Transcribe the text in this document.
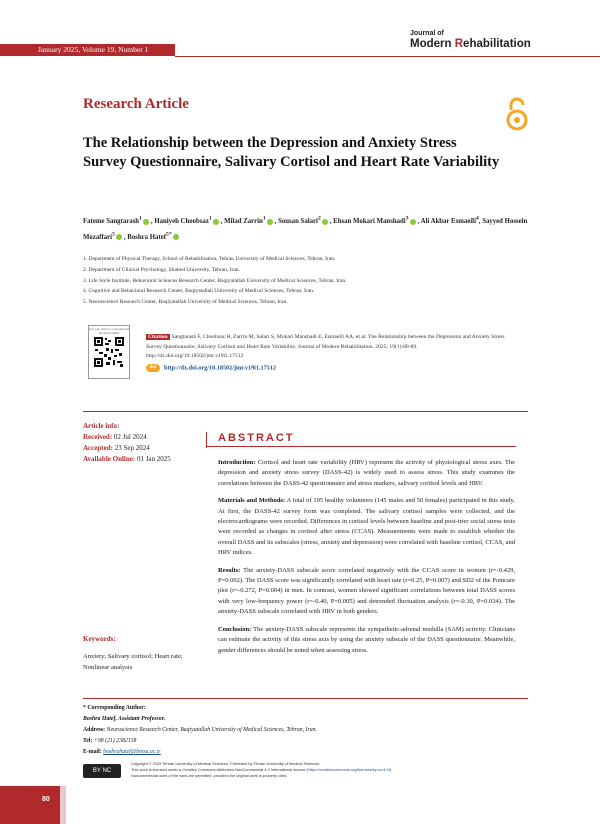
January 2025, Volume 19, Number 1
Journal of
Modern Rehabilitation
Research Article
The Relationship between the Depression and Anxiety Stress Survey Questionnaire, Salivary Cortisol and Heart Rate Variability
Fateme Sangtarash$^1$ , Haniyeh Choobsaz$^1$ , Milad Zarrin$^1$ , Sousan Salari$^2$ , Ehsan Mokari Manshadi$^3$ , Ali Akbar Esmaeili$^4$, Sayyed Hossein Mozaffari$^5$ , Boshra Hatef$^{5*}$
1. Department of Physical Therapy, School of Rehabilitation, Tehran University of Medical Sciences, Tehran, Iran.
2. Department of Clinical Psychology, Shahed University, Tehran, Iran.
3. Life Style Institute, Behavioral Sciences Research Center, Baqiyatallah University of Medical Sciences, Tehran, Iran.
4. Cognitive and Behavioral Research Center, Baqiyatallah University of Medical Sciences, Tehran, Iran.
5. Neuroscience Research Center, Baqiyatallah University of Medical Sciences, Tehran, Iran.
Use your device to scan and read the article online
Citation Sangtarash F, Choobsaz H, Zarrin M, Salari S, Mokari Manshadi E, Esmaeili AA, et al. The Relationship between the Depression and Anxiety Stress Survey Questionnaire, Salivary Cortisol and Heart Rate Variability. Journal of Modern Rehabilitation. 2025; 19(1):80-89. http://dx.doi.org/10.18502/jmr.v19i1.17512
doi http://dx.doi.org/10.18502/jmr.v19i1.17512
Article info:
Received: 02 Jul 2024
Accepted: 23 Sep 2024
Available Online: 01 Jan 2025
ABSTRACT

Introduction: Cortisol and heart rate variability (HRV) represent the activity of physiological stress axes. The depression and anxiety stress survey (DASS-42) is widely used to assess stress. This study examines the correlations between the DASS-42 questionnaire and stress markers, salivary cortisol levels and HRV.

Materials and Methods: A total of 195 healthy volunteers (145 males and 50 females) participated in this study. At first, the DASS-42 survey form was completed. The salivary cortisol samples were collected, and the electrocardiograms were recorded. Differences in cortisol levels between baseline and post-trier social stress tests were recorded as changes in cortisol after stress (CCAS). Measurements were made to establish whether the overall DASS and its subscales (stress, anxiety and depression) were correlated with baseline cortisol, CCAS, and HRV indices.

Results: The anxiety-DASS subscale score correlated negatively with the CCAS score in women (r=-0.429, P=0.002). The DASS score was significantly correlated with heart rate (r=0.25, P=0.007) and SD2 of the Poincare plot (r=-0.272, P=0.004) in men. In contrast, women showed significant correlations between total DASS scores with very low-frequency power (r=-0.40, P=0.005) and detrended fluctuation analysis (r=-0.30, P=0.034). The anxiety-DASS subscale correlated with HRV in both genders.

Conclusion: The anxiety-DASS subscale represents the sympathetic-adrenal medulla (SAM) activity. Clinicians can estimate the activity of this stress axis by using the anxiety subscale of the DASS questionnaire. Meanwhile, gender differences should be noted when assessing stress.

Keywords:
Anxiety; Salivary cortisol; Heart rate; Nonlinear analysis
* Corresponding Author:
Boshra Hatef, Assistant Professor.
Address: Neuroscience Research Center, Baqiyatallah University of Medical Sciences, Tehran, Iran.
Tel: +98 (21) 2382158
E-mail: boshrahatef@bmsu.ac.ir
BY NC
Copyright © 2025 Tehran University of Medical Sciences. Published by Tehran University of Medical Sciences
This work is licensed under a Creative Commons Attribution-NonCommercial 4.0 International license (https://creativecommons.org/licenses/by-nc/4.0/).
Noncommercial uses of the work are permitted, provided the original work is properly cited.
80
